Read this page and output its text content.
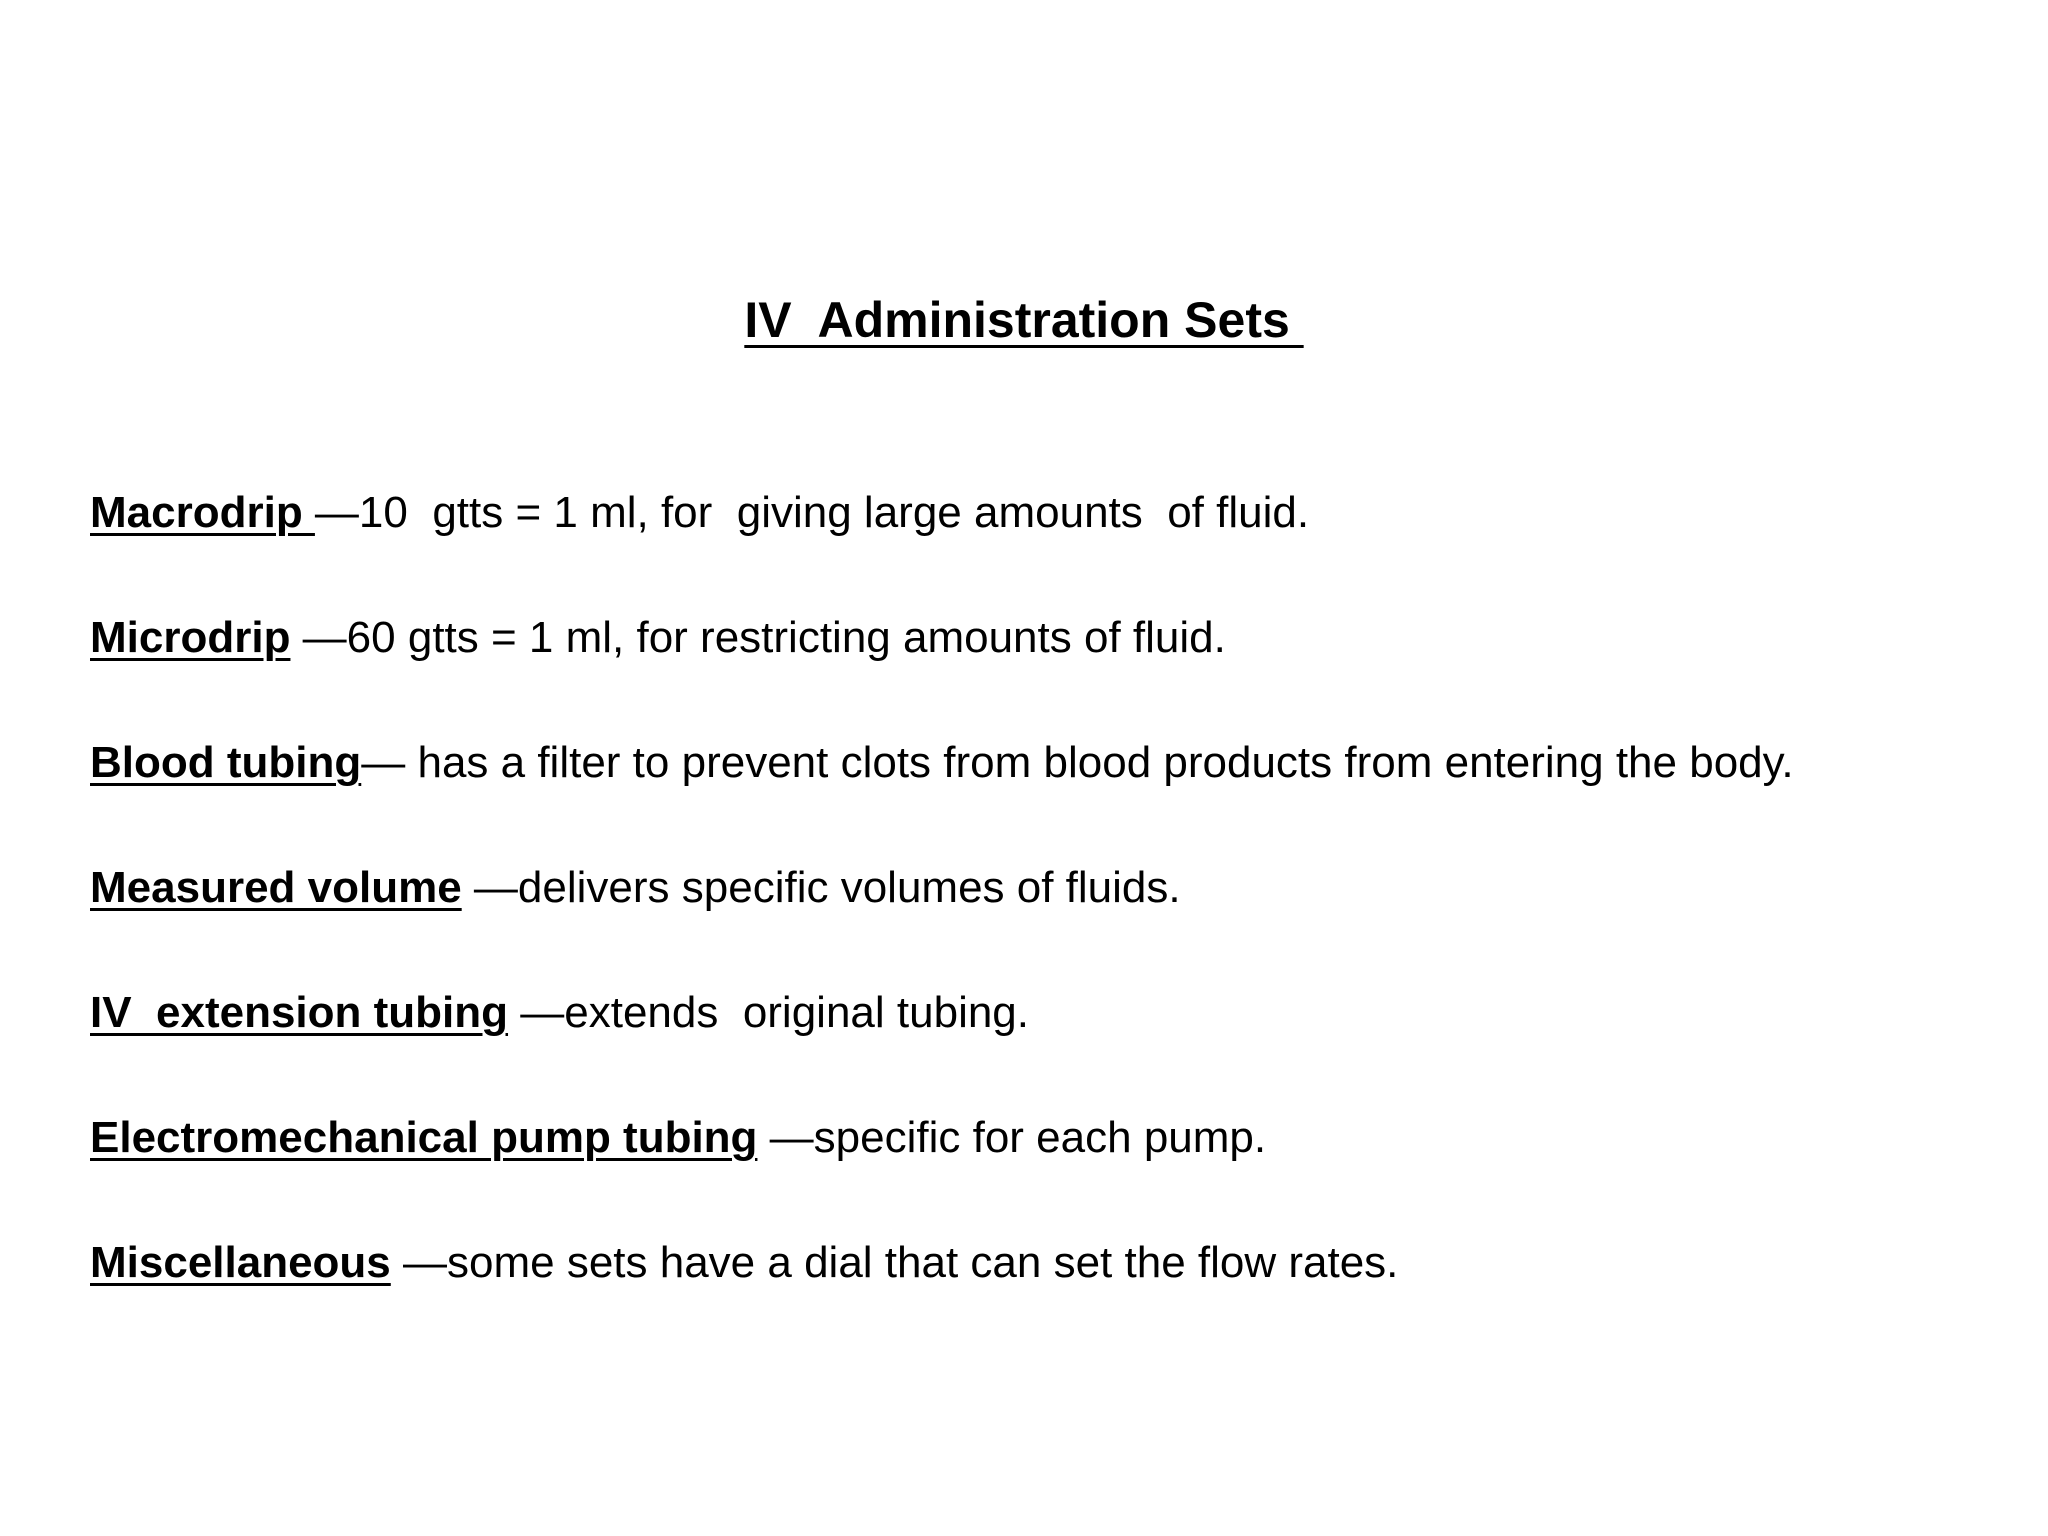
IV  Administration Sets
Macrodrip —10  gtts = 1 ml, for  giving large amounts  of fluid.
Microdrip —60 gtts = 1 ml, for restricting amounts of fluid.
Blood tubing— has a filter to prevent clots from blood products from entering the body.
Measured volume —delivers specific volumes of fluids.
IV  extension tubing —extends  original tubing.
Electromechanical pump tubing —specific for each pump.
Miscellaneous —some sets have a dial that can set the flow rates.
